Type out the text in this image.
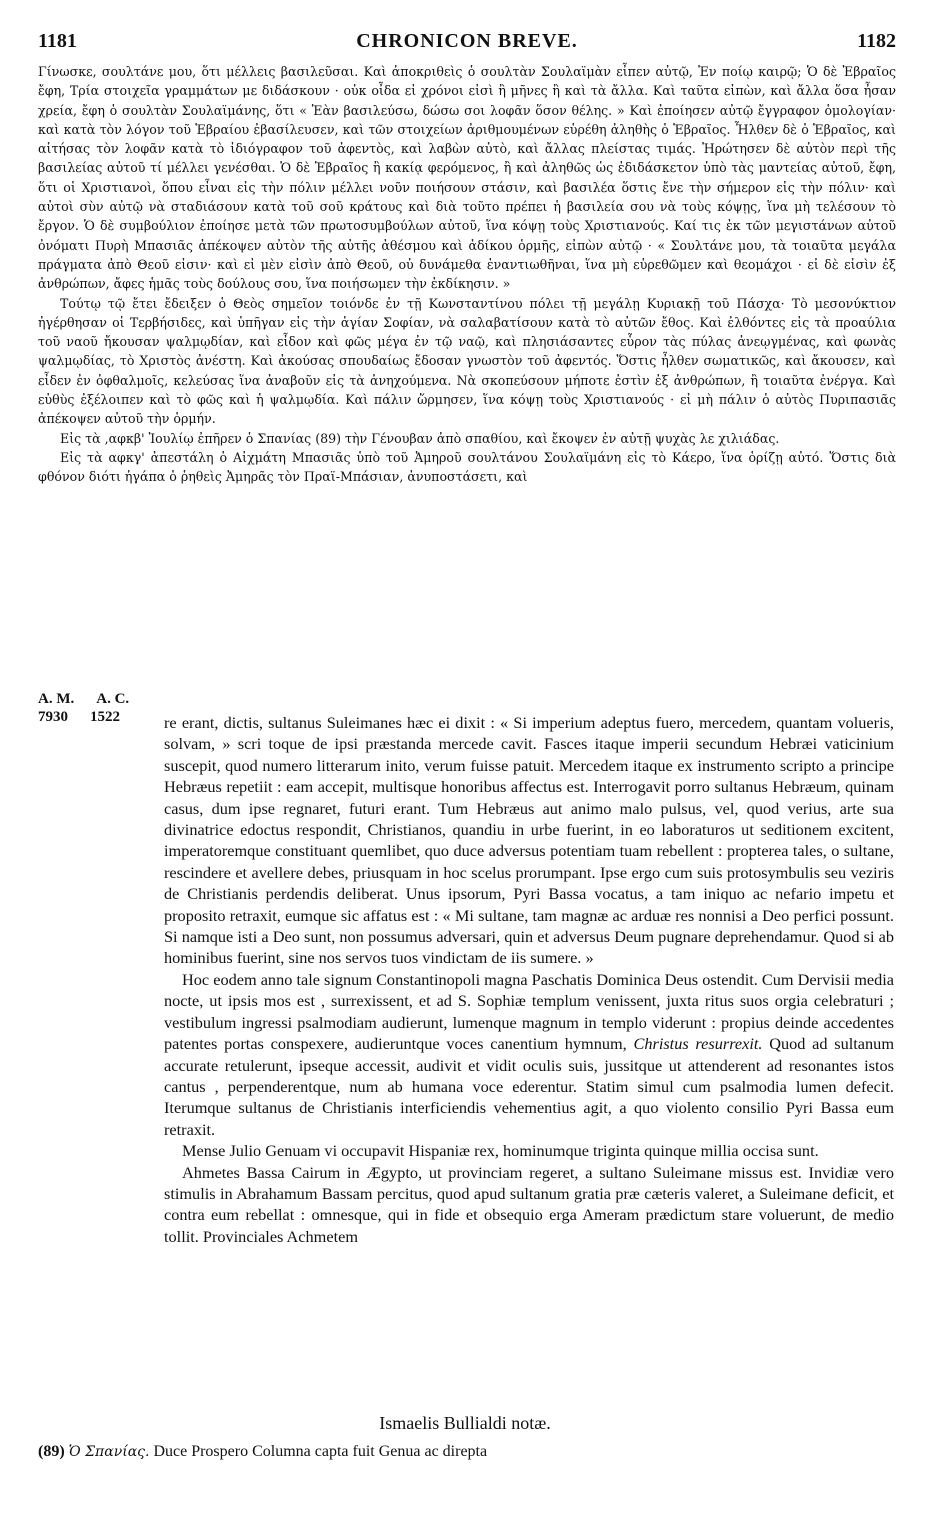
1181	CHRONICON BREVE.	1182

Γίνωσκε, σουλτάνε μου, ὅτι μέλλεις βασιλεῦσαι. Καὶ ἀποκριθεὶς ὁ σουλτὰν Σουλαϊμὰν εἶπεν αὐτῷ, Ἐν ποίῳ καιρῷ; Ὁ δὲ Ἑβραῖος ἔφη, Τρία στοιχεῖα γραμμάτων με διδάσκουν · οὐκ οἶδα εἰ χρόνοι εἰσὶ ἢ μῆνες ἢ καὶ τὰ ἄλλα. Καὶ ταῦτα εἰπὼν, καὶ ἄλλα ὅσα ἦσαν χρεία, ἔφη ὁ σουλτὰν Σουλαϊμάνης, ὅτι « Ἐὰν βασιλεύσω, δώσω σοι λοφᾶν ὅσον θέλης. » Καὶ ἐποίησεν αὐτῷ ἔγγραφον ὁμολογίαν· καὶ κατὰ τὸν λόγον τοῦ Ἑβραίου ἐβασίλευσεν, καὶ τῶν στοιχείων ἀριθμουμένων εὑρέθη ἀληθὴς ὁ Ἑβραῖος. Ἦλθεν δὲ ὁ Ἑβραῖος, καὶ αἰτήσας τὸν λοφᾶν κατὰ τὸ ἰδιόγραφον τοῦ ἀφεντὸς, καὶ λαβὼν αὐτὸ, καὶ ἄλλας πλείστας τιμάς. Ἠρώτησεν δὲ αὐτὸν περὶ τῆς βασιλείας αὐτοῦ τί μέλλει γενέσθαι. Ὁ δὲ Ἑβραῖος ἢ κακίᾳ φερόμενος, ἢ καὶ ἀληθῶς ὡς ἐδιδάσκετον ὑπὸ τὰς μαντείας αὐτοῦ, ἔφη, ὅτι οἱ Χριστιανοὶ, ὅπου εἶναι εἰς τὴν πόλιν μέλλει νοῦν ποιήσουν στάσιν, καὶ βασιλέα ὅστις ἔνε τὴν σήμερον εἰς τὴν πόλιν· καὶ αὐτοὶ σὺν αὐτῷ νὰ σταδιάσουν κατὰ τοῦ σοῦ κράτους καὶ διὰ τοῦτο πρέπει ἡ βασιλεία σου νὰ τοὺς κόψῃς, ἵνα μὴ τελέσουν τὸ ἔργον. Ὁ δὲ συμβούλιον ἐποίησε μετὰ τῶν πρωτοσυμβούλων αὐτοῦ, ἵνα κόψῃ τοὺς Χριστιανούς. Καί τις ἐκ τῶν μεγιστάνων αὐτοῦ ὀνόματι Πυρὴ Μπασιᾶς ἀπέκοψεν αὐτὸν τῆς αὐτῆς ἀθέσμου καὶ ἀδίκου ὁρμῆς, εἰπὼν αὐτῷ · « Σουλτάνε μου, τὰ τοιαῦτα μεγάλα πράγματα ἀπὸ Θεοῦ εἰσιν· καὶ εἰ μὲν εἰσὶν ἀπὸ Θεοῦ, οὐ δυνάμεθα ἐναντιωθῆναι, ἵνα μὴ εὑρεθῶμεν καὶ θεομάχοι · εἰ δὲ εἰσὶν ἐξ ἀνθρώπων, ἄφες ἡμᾶς τοὺς δούλους σου, ἵνα ποιήσωμεν τὴν ἐκδίκησιν. »

Τούτῳ τῷ ἔτει ἔδειξεν ὁ Θεὸς σημεῖον τοιόνδε ἐν τῇ Κωνσταντίνου πόλει τῇ μεγάλῃ Κυριακῇ τοῦ Πάσχα· Τὸ μεσονύκτιον ἠγέρθησαν οἱ Τερβήσιδες, καὶ ὑπῆγαν εἰς τὴν ἁγίαν Σοφίαν, νὰ σαλαβατίσουν κατὰ τὸ αὐτῶν ἔθος. Καὶ ἐλθόντες εἰς τὰ προαύλια τοῦ ναοῦ ἤκουσαν ψαλμῳδίαν, καὶ εἶδον καὶ φῶς μέγα ἐν τῷ ναῷ, καὶ πλησιάσαντες εὗρον τὰς πύλας ἀνεῳγμένας, καὶ φωνὰς ψαλμῳδίας, τὸ Χριστὸς ἀνέστη. Καὶ ἀκούσας σπουδαίως ἔδοσαν γνωστὸν τοῦ ἀφεντός. Ὅστις ἦλθεν σωματικῶς, καὶ ἄκουσεν, καὶ εἶδεν ἐν ὀφθαλμοῖς, κελεύσας ἵνα ἀναβοῦν εἰς τὰ ἀνηχούμενα. Νὰ σκοπεύσουν μήποτε ἐστὶν ἐξ ἀνθρώπων, ἢ τοιαῦτα ἐνέργα. Καὶ εὐθὺς ἐξέλοιπεν καὶ τὸ φῶς καὶ ἡ ψαλμῳδία. Καὶ πάλιν ὥρμησεν, ἵνα κόψῃ τοὺς Χριστιανούς · εἰ μὴ πάλιν ὁ αὐτὸς Πυριπασιᾶς ἀπέκοψεν αὐτοῦ τὴν ὁρμήν.

Εἰς τὰ ,αφκβ' Ἰουλίῳ ἐπῆρεν ὁ Σπανίας (89) τὴν Γένουβαν ἀπὸ σπαθίου, καὶ ἔκοψεν ἐν αὐτῇ ψυχὰς λε χιλιάδας.

Εἰς τὰ αφκγ' ἀπεστάλη ὁ Αἰχμάτη Μπασιᾶς ὑπὸ τοῦ Ἀμηροῦ σουλτάνου Σουλαϊμάνη εἰς τὸ Κάερο, ἵνα ὁρίζῃ αὐτό. Ὅστις διὰ φθόνον διότι ἠγάπα ὁ ῥηθεὶς Ἀμηρᾶς τὸν Πραϊ-Μπάσιαν, ἀνυποστάσετι, καὶ

A. M. A. C.
7930 1522	re erant, dictis, sultanus Suleimanes hæc ei dixit : « Si imperium adeptus fuero, mercedem, quantam volueris, solvam, » scri toque de ipsi præstanda mercede cavit. Fasces itaque imperii secundum Hebræi vaticinium suscepit, quod numero litterarum inito, verum fuisse patuit. Mercedem itaque ex instrumento scripto a principe Hebræus repetiit : eam accepit, multisque honoribus affectus est. Interrogavit porro sultanus Hebræum, quinam casus, dum ipse regnaret, futuri erant. Tum Hebræus aut animo malo pulsus, vel, quod verius, arte sua divinatrice edoctus respondit, Christianos, quandiu in urbe fuerint, in eo laboraturos ut seditionem excitent, imperatoremque constituant quemlibet, quo duce adversus potentiam tuam rebellent : propterea tales, o sultane, rescindere et avellere debes, priusquam in hoc scelus prorumpant. Ipse ergo cum suis protosymbulis seu veziris de Christianis perdendis deliberat. Unus ipsorum, Pyri Bassa vocatus, a tam iniquo ac nefario impetu et proposito retraxit, eumque sic affatus est : « Mi sultane, tam magnæ ac arduæ res nonnisi a Deo perfici possunt. Si namque isti a Deo sunt, non possumus adversari, quin et adversus Deum pugnare deprehendamur. Quod si ab hominibus fuerint, sine nos servos tuos vindictam de iis sumere. »

Hoc eodem anno tale signum Constantinopoli magna Paschatis Dominica Deus ostendit. Cum Dervisii media nocte, ut ipsis mos est , surrexissent, et ad S. Sophiæ templum venissent, juxta ritus suos orgia celebraturi ; vestibulum ingressi psalmodiam audierunt, lumenque magnum in templo viderunt : propius deinde accedentes patentes portas conspexere, audieruntque voces canentium hymnum, Christus resurrexit. Quod ad sultanum accurate retulerunt, ipseque accessit, audivit et vidit oculis suis, jussitque ut attenderent ad resonantes istos cantus , perpenderentque, num ab humana voce ederentur. Statim simul cum psalmodia lumen defecit. Iterumque sultanus de Christianis interficiendis vehementius agit, a quo violento consilio Pyri Bassa eum retraxit.

Mense Julio Genuam vi occupavit Hispaniæ rex, hominumque triginta quinque millia occisa sunt.

Ahmetes Bassa Cairum in Ægypto, ut provinciam regeret, a sultano Suleimane missus est. Invidiæ vero stimulis in Abrahamum Bassam percitus, quod apud sultanum gratia præ cæteris valeret, a Suleimane deficit, et contra eum rebellat : omnesque, qui in fide et obsequio erga Ameram prædictum stare voluerunt, de medio tollit. Provinciales Achmetem

Ismaelis Bullialdi notæ.
(89) Ὁ Σπανίας. Duce Prospero Columna capta fuit Genua ac direpta
